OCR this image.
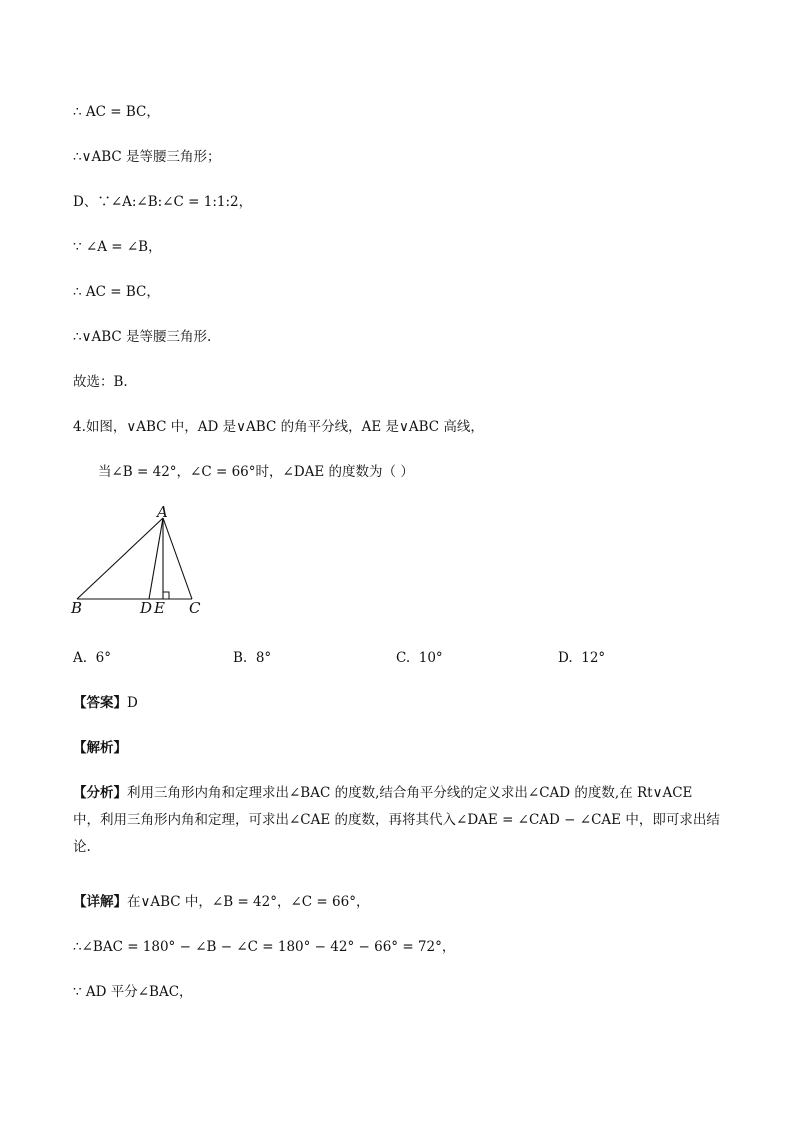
∴ AC = BC，
∴∨ABC 是等腰三角形；
D、∵∠A:∠B:∠C = 1:1:2，
∵ ∠A = ∠B，
∴ AC = BC，
∴∨ABC 是等腰三角形.
故选：B.
4.如图，∨ABC 中，AD 是∨ABC 的角平分线，AE 是∨ABC 高线，
当∠B = 42°，∠C = 66°时，∠DAE 的度数为（ ）
A
B	D E C
A. 6°	B. 8°	C. 10°	D. 12°
【答案】D
【解析】
【分析】利用三角形内角和定理求出∠BAC 的度数,结合角平分线的定义求出∠CAD 的度数,在 Rt∨ACE 中，利用三角形内角和定理，可求出∠CAE 的度数，再将其代入∠DAE = ∠CAD − ∠CAE 中，即可求出结论.
【详解】在∨ABC 中，∠B = 42°，∠C = 66°，
∴∠BAC = 180° − ∠B − ∠C = 180° − 42° − 66° = 72°，
∵ AD 平分∠BAC，
